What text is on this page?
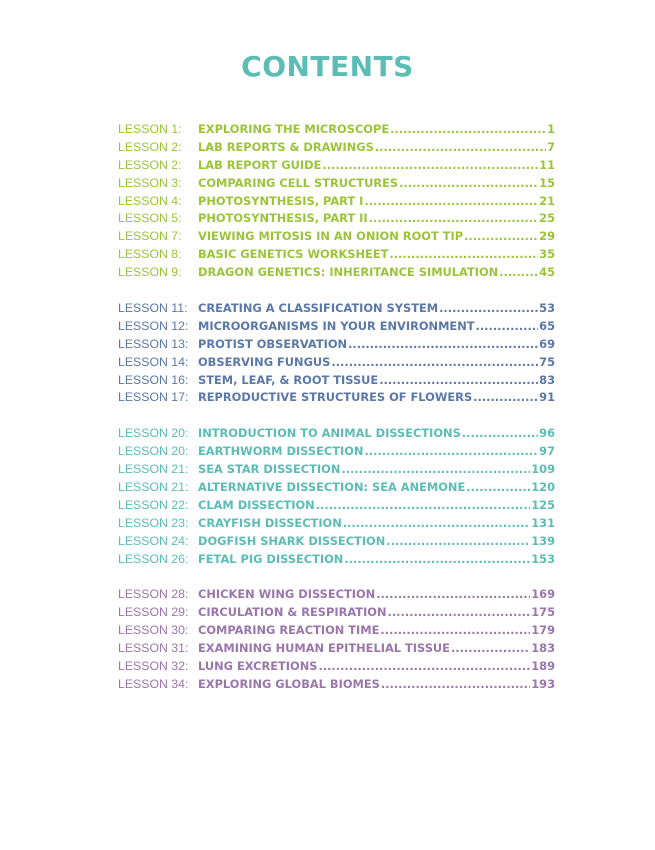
CONTENTS
LESSON 1:	EXPLORING THE MICROSCOPE .....	1
LESSON 2:	LAB REPORTS & DRAWINGS .....	7
LESSON 2:	LAB REPORT GUIDE .....	11
LESSON 3:	COMPARING CELL STRUCTURES .....	15
LESSON 4:	PHOTOSYNTHESIS, PART I .....	21
LESSON 5:	PHOTOSYNTHESIS, PART II .....	25
LESSON 7:	VIEWING MITOSIS IN AN ONION ROOT TIP .....	29
LESSON 8:	BASIC GENETICS WORKSHEET .....	35
LESSON 9:	DRAGON GENETICS: INHERITANCE SIMULATION .....	45
LESSON 11: CREATING A CLASSIFICATION SYSTEM .....	53
LESSON 12: MICROORGANISMS IN YOUR ENVIRONMENT .....	65
LESSON 13: PROTIST OBSERVATION .....	69
LESSON 14: OBSERVING FUNGUS .....	75
LESSON 16: STEM, LEAF, & ROOT TISSUE .....	83
LESSON 17: REPRODUCTIVE STRUCTURES OF FLOWERS .....	91
LESSON 20: INTRODUCTION TO ANIMAL DISSECTIONS .....	96
LESSON 20: EARTHWORM DISSECTION .....	97
LESSON 21: SEA STAR DISSECTION .....	109
LESSON 21: ALTERNATIVE DISSECTION: SEA ANEMONE .....	120
LESSON 22: CLAM DISSECTION .....	125
LESSON 23: CRAYFISH DISSECTION .....	131
LESSON 24: DOGFISH SHARK DISSECTION .....	139
LESSON 26: FETAL PIG DISSECTION .....	153
LESSON 28: CHICKEN WING DISSECTION .....	169
LESSON 29: CIRCULATION & RESPIRATION .....	175
LESSON 30: COMPARING REACTION TIME .....	179
LESSON 31: EXAMINING HUMAN EPITHELIAL TISSUE .....	183
LESSON 32: LUNG EXCRETIONS .....	189
LESSON 34: EXPLORING GLOBAL BIOMES .....	193
